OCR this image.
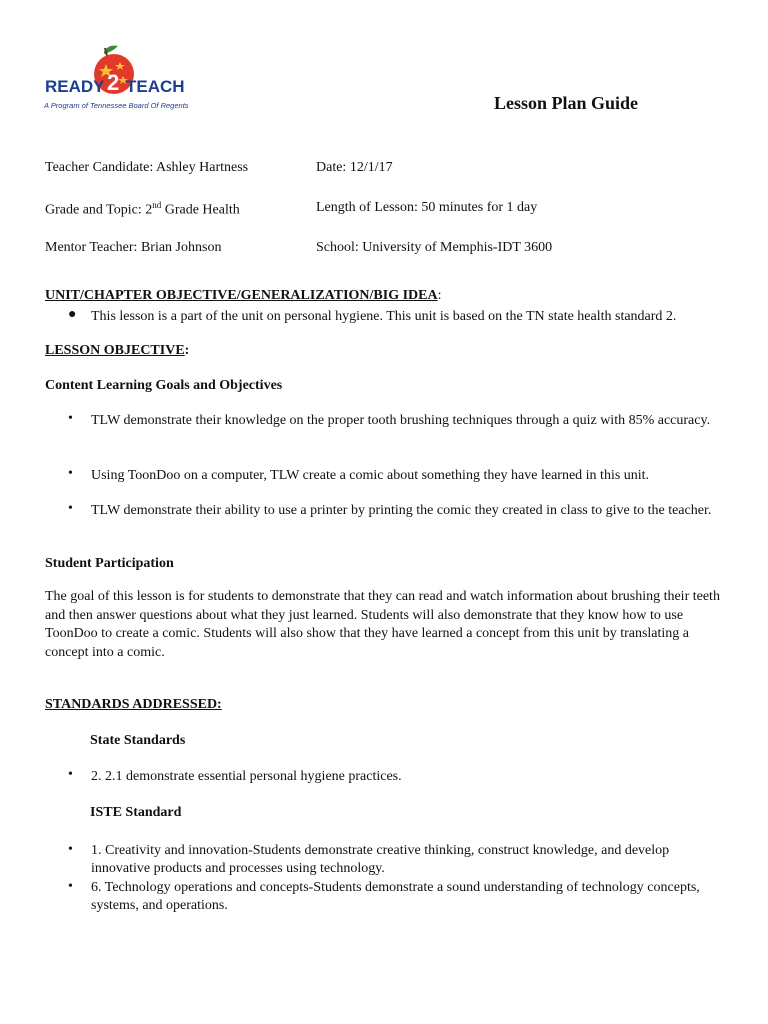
READY 2 TEACH
A Program of Tennessee Board Of Regents	Lesson Plan Guide
Teacher Candidate: Ashley Hartness	Date: 12/1/17
Grade and Topic: 2nd Grade Health	Length of Lesson: 50 minutes for 1 day
Mentor Teacher: Brian Johnson	School: University of Memphis-IDT 3600
UNIT/CHAPTER OBJECTIVE/GENERALIZATION/BIG IDEA:
● This lesson is a part of the unit on personal hygiene. This unit is based on the TN state health standard 2.
LESSON OBJECTIVE:
Content Learning Goals and Objectives
• TLW demonstrate their knowledge on the proper tooth brushing techniques through a quiz with 85% accuracy.
• Using ToonDoo on a computer, TLW create a comic about something they have learned in this unit.
• TLW demonstrate their ability to use a printer by printing the comic they created in class to give to the teacher.
Student Participation

The goal of this lesson is for students to demonstrate that they can read and watch information about brushing their teeth and then answer questions about what they just learned. Students will also demonstrate that they know how to use ToonDoo to create a comic. Students will also show that they have learned a concept from this unit by translating a concept into a comic.

STANDARDS ADDRESSED:
State Standards
• 2. 2.1 demonstrate essential personal hygiene practices.
ISTE Standard
• 1. Creativity and innovation-Students demonstrate creative thinking, construct knowledge, and develop innovative products and processes using technology.
• 6. Technology operations and concepts-Students demonstrate a sound understanding of technology concepts, systems, and operations.
